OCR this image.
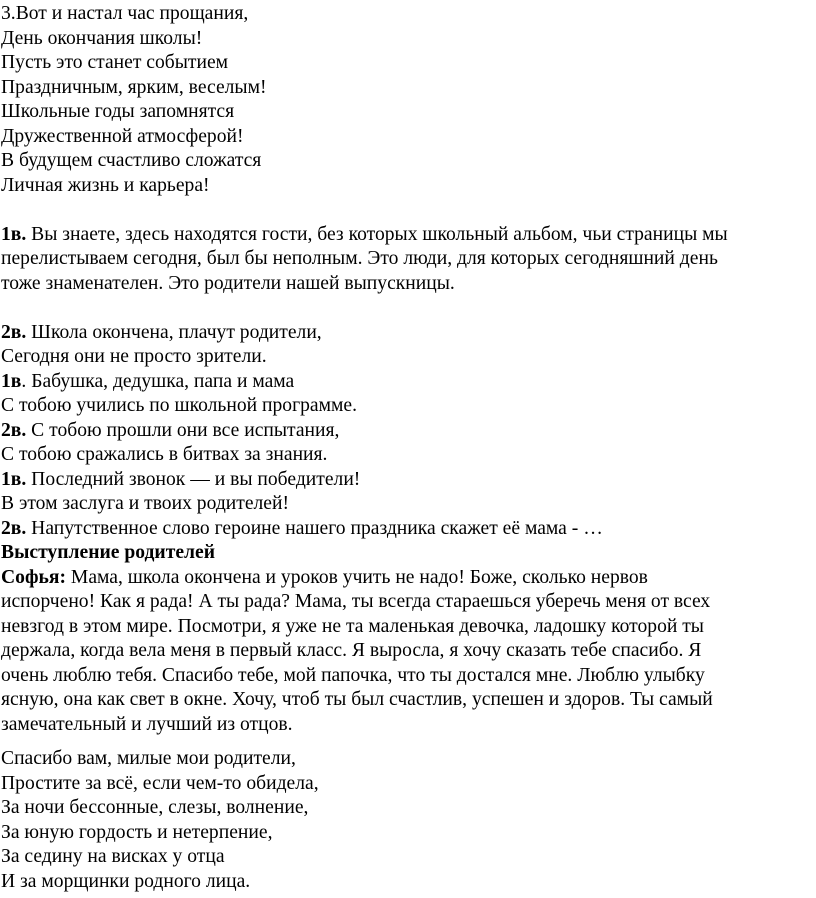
3.Вот и настал час прощания,
День окончания школы!
Пусть это станет событием
Праздничным, ярким, веселым!
Школьные годы запомнятся
Дружественной атмосферой!
В будущем счастливо сложатся
Личная жизнь и карьера!
1в. Вы знаете, здесь находятся гости, без которых школьный альбом, чьи страницы мы
перелистываем сегодня, был бы неполным. Это люди, для которых сегодняшний день
тоже знаменателен. Это родители нашей выпускницы.
2в. Школа окончена, плачут родители,
Сегодня они не просто зрители.
1в. Бабушка, дедушка, папа и мама
С тобою учились по школьной программе.
2в. С тобою прошли они все испытания,
С тобою сражались в битвах за знания.
1в. Последний звонок — и вы победители!
В этом заслуга и твоих родителей!
2в. Напутственное слово героине нашего праздника скажет её мама - …
Выступление родителей
Софья: Мама, школа окончена и уроков учить не надо! Боже, сколько нервов
испорчено! Как я рада! А ты рада? Мама, ты всегда стараешься уберечь меня от всех
невзгод в этом мире. Посмотри, я уже не та маленькая девочка, ладошку которой ты
держала, когда вела меня в первый класс. Я выросла, я хочу сказать тебе спасибо. Я
очень люблю тебя. Спасибо тебе, мой папочка, что ты достался мне. Люблю улыбку
ясную, она как свет в окне. Хочу, чтоб ты был счастлив, успешен и здоров. Ты самый
замечательный и лучший из отцов.
Спасибо вам, милые мои родители,
Простите за всё, если чем-то обидела,
За ночи бессонные, слезы, волнение,
За юную гордость и нетерпение,
За седину на висках у отца
И за морщинки родного лица.
